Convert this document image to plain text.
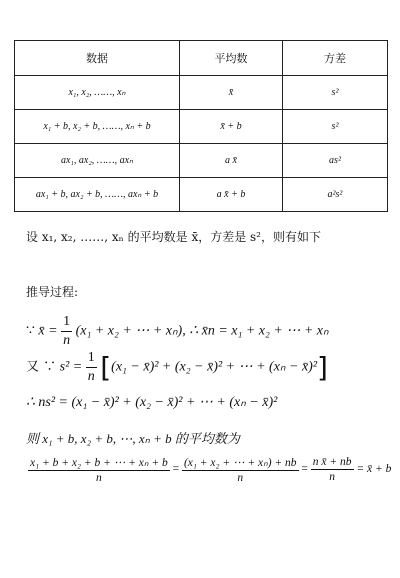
数据	平均数	方差
x₁, x₂, ……, xₙ	x̄	s²
x₁ + b, x₂ + b, ……, xₙ + b	x̄ + b	s²
ax₁, ax₂, ……, axₙ	a x̄	as²
ax₁ + b, ax₂ + b, ……, axₙ + b	a x̄ + b	a²s²
设 x₁, x₂, ……, xₙ 的平均数是 x̄，方差是 s²，则有如下
推导过程:
∵ x̄ = $\frac{1}{n} (x_1 + x_2$ + ⋯ + xₙ), ∴ x̄n = x₁ + x₂ + ⋯ + xₙ
又 ∵ $s^2 = \frac{1}{n} [(x_1$ − x̄)² + (x₂ − x̄)² + ⋯ + (xₙ − x̄)²]
∴ ns² = (x₁ − x̄)² + (x₂ − x̄)² + ⋯ + (xₙ − x̄)²
则 x₁ + b, x₂ + b, ⋯, xₙ + b 的平均数为
$\frac{\text{x₁ + b + x₂ + b + ⋯ + xₙ + b}}{n} = \frac{\text{(x₁ + x₂ + ⋯ + xₙ) + nb}}{n} = \frac{\text{n x̄ + nb}}{n}$ = x̄ + b
